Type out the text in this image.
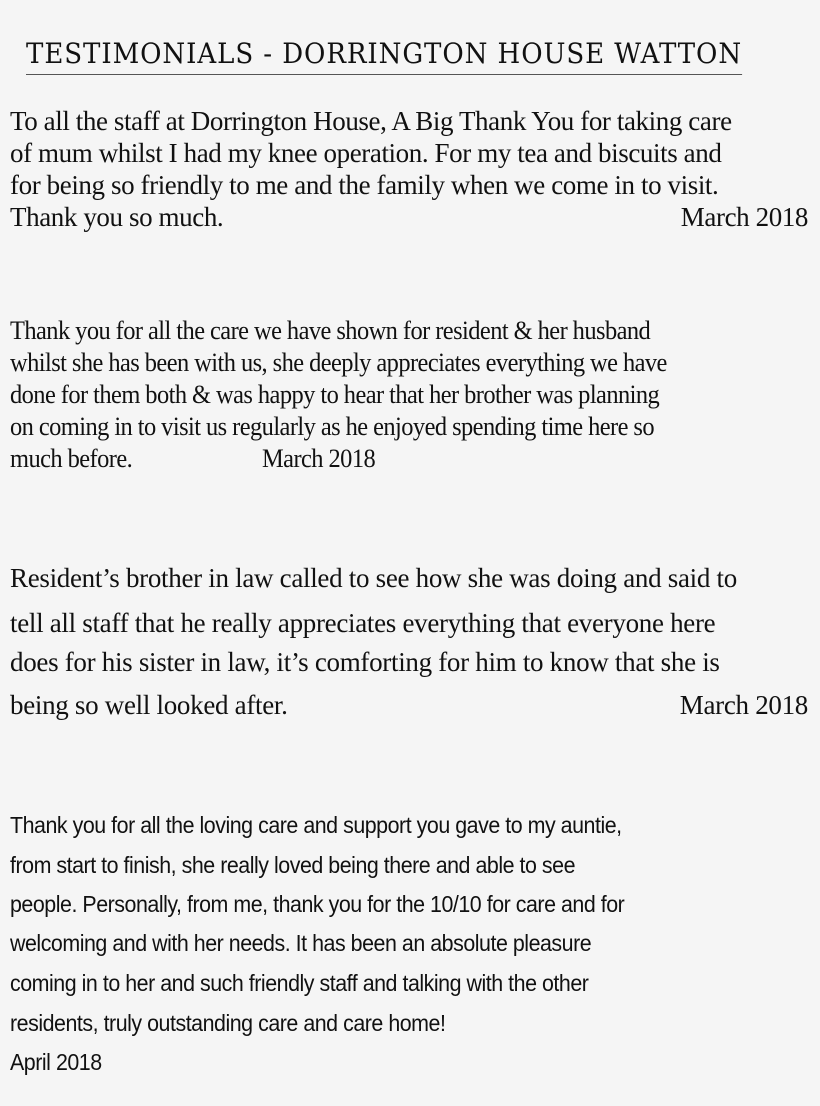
TESTIMONIALS - DORRINGTON HOUSE WATTON
To all the staff at Dorrington House, A Big Thank You for taking care
of mum whilst I had my knee operation. For my tea and biscuits and
for being so friendly to me and the family when we come in to visit.
Thank you so much.	March 2018
Thank you for all the care we have shown for resident & her husband
whilst she has been with us, she deeply appreciates everything we have
done for them both & was happy to hear that her brother was planning
on coming in to visit us regularly as he enjoyed spending time here so
much before.	March 2018
Resident’s brother in law called to see how she was doing and said to
tell all staff that he really appreciates everything that everyone here
does for his sister in law, it’s comforting for him to know that she is
being so well looked after.	March 2018
Thank you for all the loving care and support you gave to my auntie,
from start to finish, she really loved being there and able to see
people. Personally, from me, thank you for the 10/10 for care and for
welcoming and with her needs. It has been an absolute pleasure
coming in to her and such friendly staff and talking with the other
residents, truly outstanding care and care home!
April 2018
